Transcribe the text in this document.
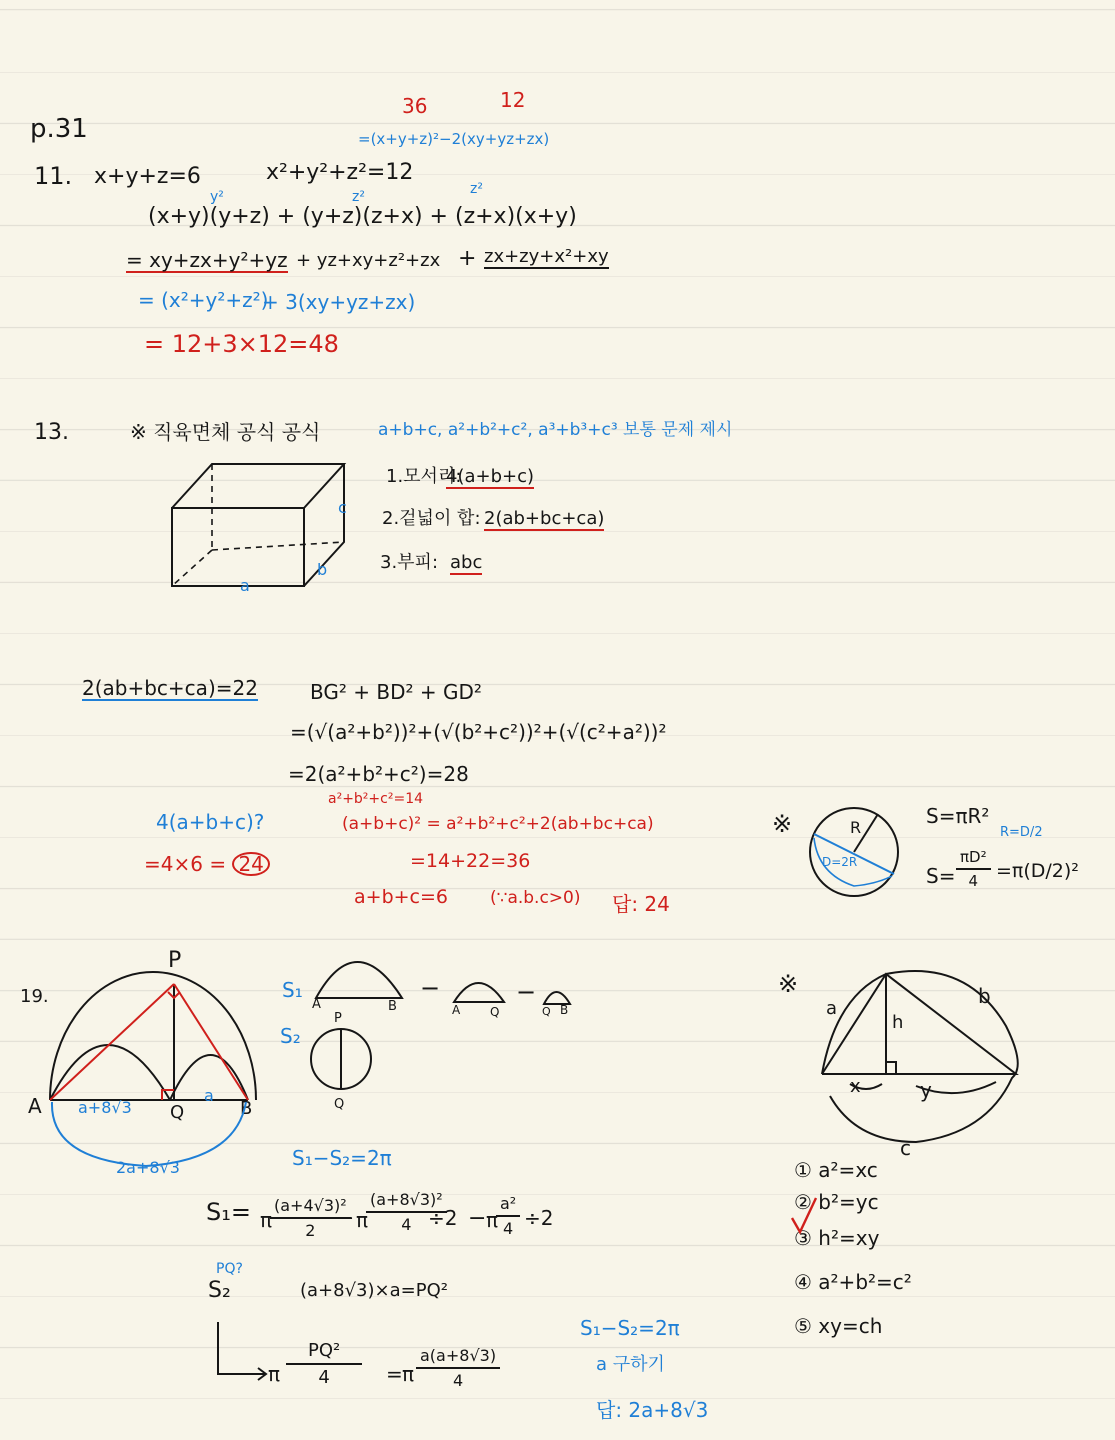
p.31
36	12
=(x+y+z)²−2(xy+yz+zx)
11. x+y+z=6	x²+y²+z²=12
y²	z²	z²
(x+y)(y+z) + (y+z)(z+x) + (z+x)(x+y)
= xy+zx+y²+yz + yz+xy+z²+zx + zx+zy+x²+xy
= (x²+y²+z²)
+ 3(xy+yz+zx)
= 12+3×12=48
13.	※ 직육면체 공식 공식	a+b+c, a²+b²+c², a³+b³+c³ 보통 문제 제시
a
b
c
1.모서리:
4(a+b+c)
2.겉넓이 합: 2(ab+bc+ca)
3.부피: abc
2(ab+bc+ca)=22	BG² + BD² + GD²
=(√(a²+b²))²+(√(b²+c²))²+(√(c²+a²))²
=2(a²+b²+c²)=28
a²+b²+c²=14
4(a+b+c)?
=4×6 = 24
(a+b+c)² = a²+b²+c²+2(ab+bc+ca)
=14+22=36
a+b+c=6 (∵a.b.c>0) 답: 24
※	R
D=2R
S=πR²
R=D/2
$S= \frac{\text{πD²}}{4} =\pi(D/2)^2$
19.
P
A	B
Q
a
a+8√3
2a+8√3
S₁
A	B
−
A Q
−
Q B
S₂
P
Q
S₁−S₂=2π
S₁= π
$\frac{\text{(a+4√3)²}}{2}$
− π
$\frac{\text{(a+8√3)²}}{4}$
÷2 − π
$\frac{\text{a²}}{4} \div 2$
PQ?
S₂	(a+8√3)×a=PQ²
π $\frac{\text{PQ²}}{4} = \pi \frac{a(a+8√3)}{4}$
S₁−S₂=2π
a 구하기
답: 2a+8√3
※
a
b
c
h
x	y
① a²=xc
② b²=yc
③ h²=xy
④ a²+b²=c²
⑤ xy=ch
